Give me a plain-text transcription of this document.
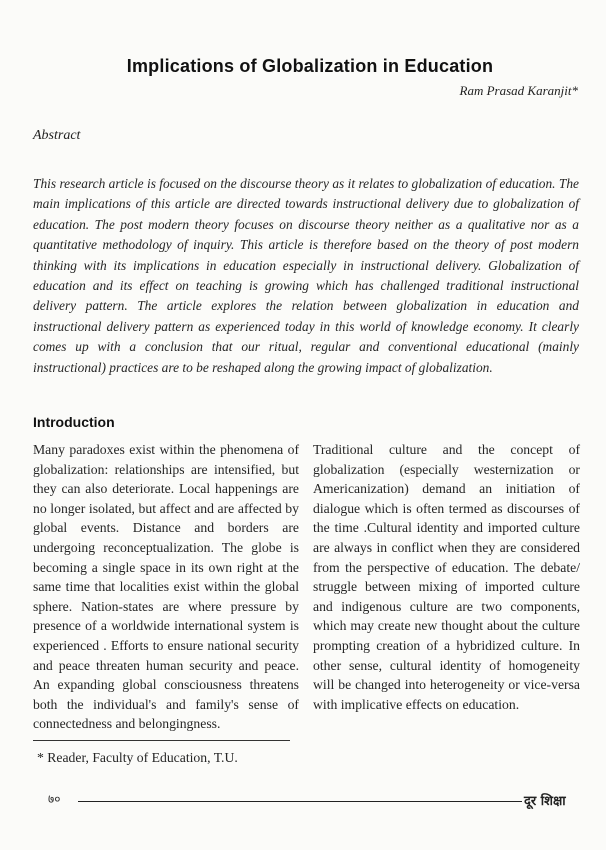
Implications of Globalization in Education
Ram Prasad Karanjit*
Abstract
This research article is focused on the discourse theory as it relates to globalization of education. The main implications of this article are directed towards instructional delivery due to globalization of education. The post modern theory focuses on discourse theory neither as a qualitative nor as a quantitative methodology of inquiry. This article is therefore based on the theory of post modern thinking with its implications in education especially in instructional delivery. Globalization of education and its effect on teaching is growing which has challenged traditional instructional delivery pattern. The article explores the relation between globalization in education and instructional delivery pattern as experienced today in this world of knowledge economy. It clearly comes up with a conclusion that our ritual, regular and conventional educational (mainly instructional) practices are to be reshaped along the growing impact of globalization.
Introduction
Many paradoxes exist within the phenomena of globalization: relationships are intensified, but they can also deteriorate. Local happenings are no longer isolated, but affect and are affected by global events. Distance and borders are undergoing reconceptualization. The globe is becoming a single space in its own right at the same time that localities exist within the global sphere. Nation-states are where pressure by presence of a worldwide international system is experienced . Efforts to ensure national security and peace threaten human security and peace. An expanding global consciousness threatens both the individual's and family's sense of connectedness and belongingness.
Traditional culture and the concept of globalization (especially westernization or Americanization) demand an initiation of dialogue which is often termed as discourses of the time .Cultural identity and imported culture are always in conflict when they are considered from the perspective of education. The debate/ struggle between mixing of imported culture and indigenous culture are two components, which may create new thought about the culture prompting creation of a hybridized culture. In other sense, cultural identity of homogeneity will be changed into heterogeneity or vice-versa with implicative effects on education.
* Reader, Faculty of Education, T.U.
७०	दूर शिक्षा
